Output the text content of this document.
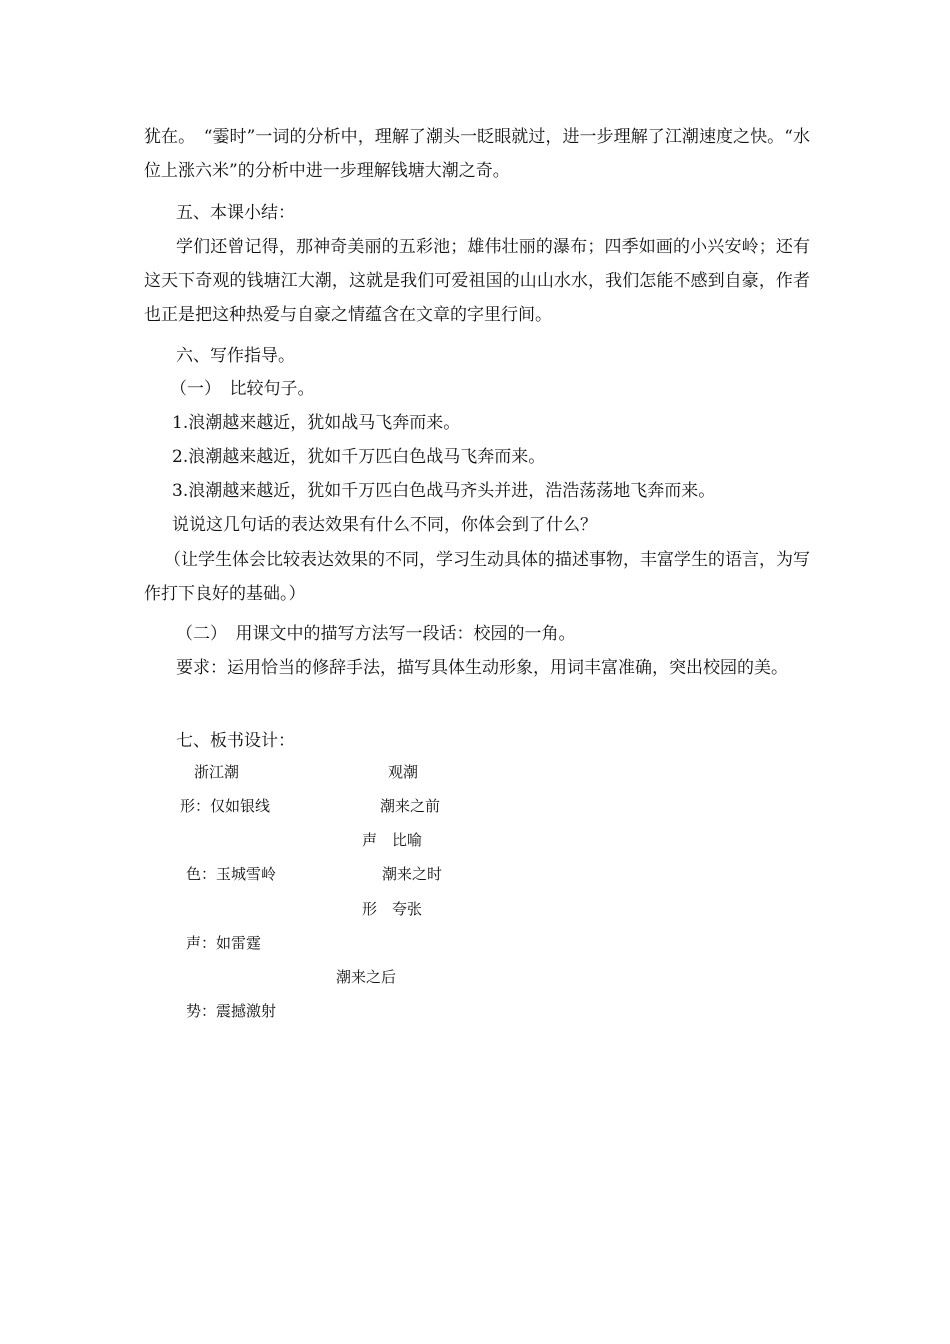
犹在。　“霎时”一词的分析中，理解了潮头一眨眼就过，进一步理解了江潮速度之快。“水位上涨六米”的分析中进一步理解钱塘大潮之奇。
五、本课小结：
学们还曾记得，那神奇美丽的五彩池；雄伟壮丽的瀑布；四季如画的小兴安岭；还有这天下奇观的钱塘江大潮，这就是我们可爱祖国的山山水水，我们怎能不感到自豪，作者也正是把这种热爱与自豪之情蕴含在文章的字里行间。
六、写作指导。
（一）　比较句子。
1.浪潮越来越近，犹如战马飞奔而来。
2.浪潮越来越近，犹如千万匹白色战马飞奔而来。
3.浪潮越来越近，犹如千万匹白色战马齐头并进，浩浩荡荡地飞奔而来。
说说这几句话的表达效果有什么不同，你体会到了什么？
（让学生体会比较表达效果的不同，学习生动具体的描述事物，丰富学生的语言，为写作打下良好的基础。）
（二）　用课文中的描写方法写一段话：校园的一角。
要求：运用恰当的修辞手法，描写具体生动形象，用词丰富准确，突出校园的美。
七、板书设计：
浙江潮	观潮
形：仅如银线	潮来之前
声　比喻
色：玉城雪岭	潮来之时
形　夸张
声：如雷霆
潮来之后
势：震撼激射
